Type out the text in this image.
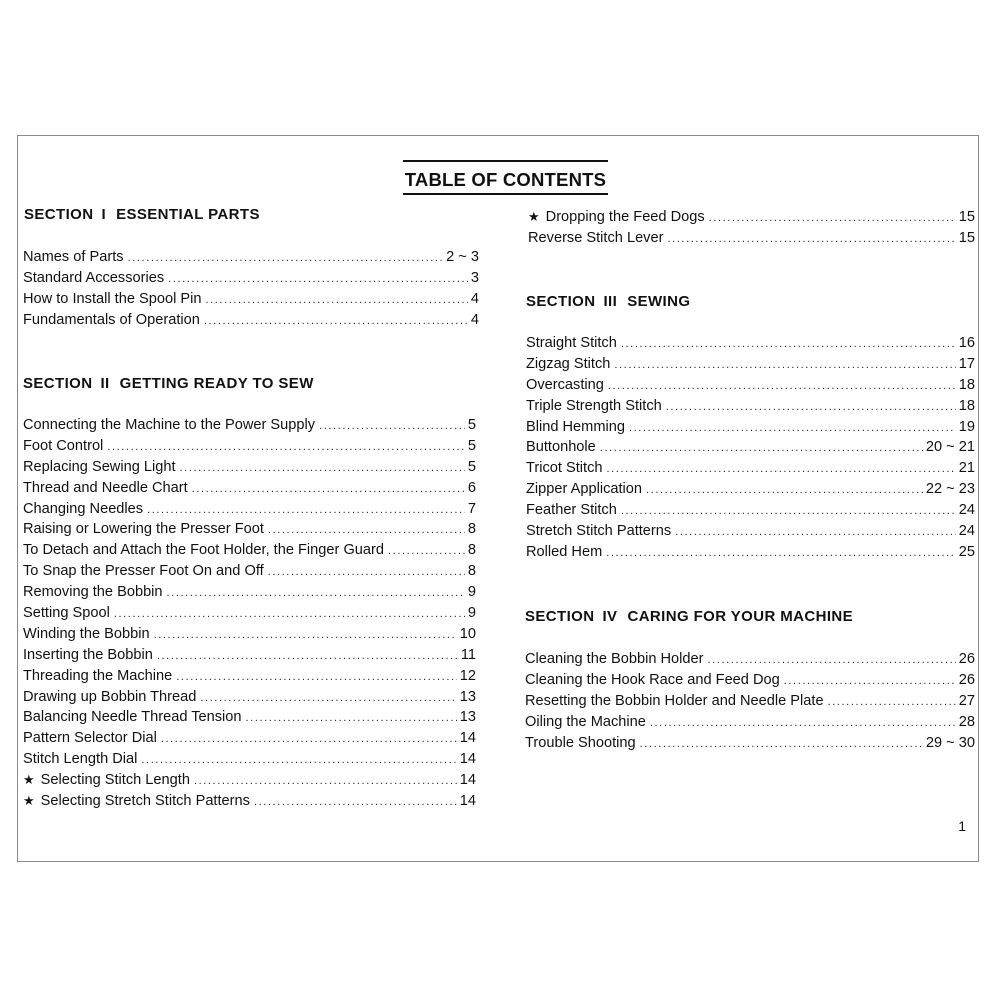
TABLE OF CONTENTS
SECTION I ESSENTIAL PARTS
Names of Parts .....	2 ~ 3
Standard Accessories .....	3
How to Install the Spool Pin .....	4
Fundamentals of Operation .....	4
SECTION II GETTING READY TO SEW
Connecting the Machine to the Power Supply .....	5
Foot Control .....	5
Replacing Sewing Light .....	5
Thread and Needle Chart .....	6
Changing Needles .....	7
Raising or Lowering the Presser Foot .....	8
To Detach and Attach the Foot Holder, the Finger Guard .....	8
To Snap the Presser Foot On and Off .....	8
Removing the Bobbin .....	9
Setting Spool .....	9
Winding the Bobbin .....	10
Inserting the Bobbin .....	11
Threading the Machine .....	12
Drawing up Bobbin Thread .....	13
Balancing Needle Thread Tension .....	13
Pattern Selector Dial .....	14
Stitch Length Dial .....	14
★ Selecting Stitch Length .....	14
★ Selecting Stretch Stitch Patterns .....	14
★ Dropping the Feed Dogs .....	15
Reverse Stitch Lever .....	15
SECTION III SEWING
Straight Stitch .....	16
Zigzag Stitch .....	17
Overcasting .....	18
Triple Strength Stitch .....	18
Blind Hemming .....	19
Buttonhole .....	20 ~ 21
Tricot Stitch .....	21
Zipper Application .....	22 ~ 23
Feather Stitch .....	24
Stretch Stitch Patterns .....	24
Rolled Hem .....	25
SECTION IV CARING FOR YOUR MACHINE
Cleaning the Bobbin Holder .....	26
Cleaning the Hook Race and Feed Dog .....	26
Resetting the Bobbin Holder and Needle Plate .....	27
Oiling the Machine .....	28
Trouble Shooting .....	29 ~ 30
1
